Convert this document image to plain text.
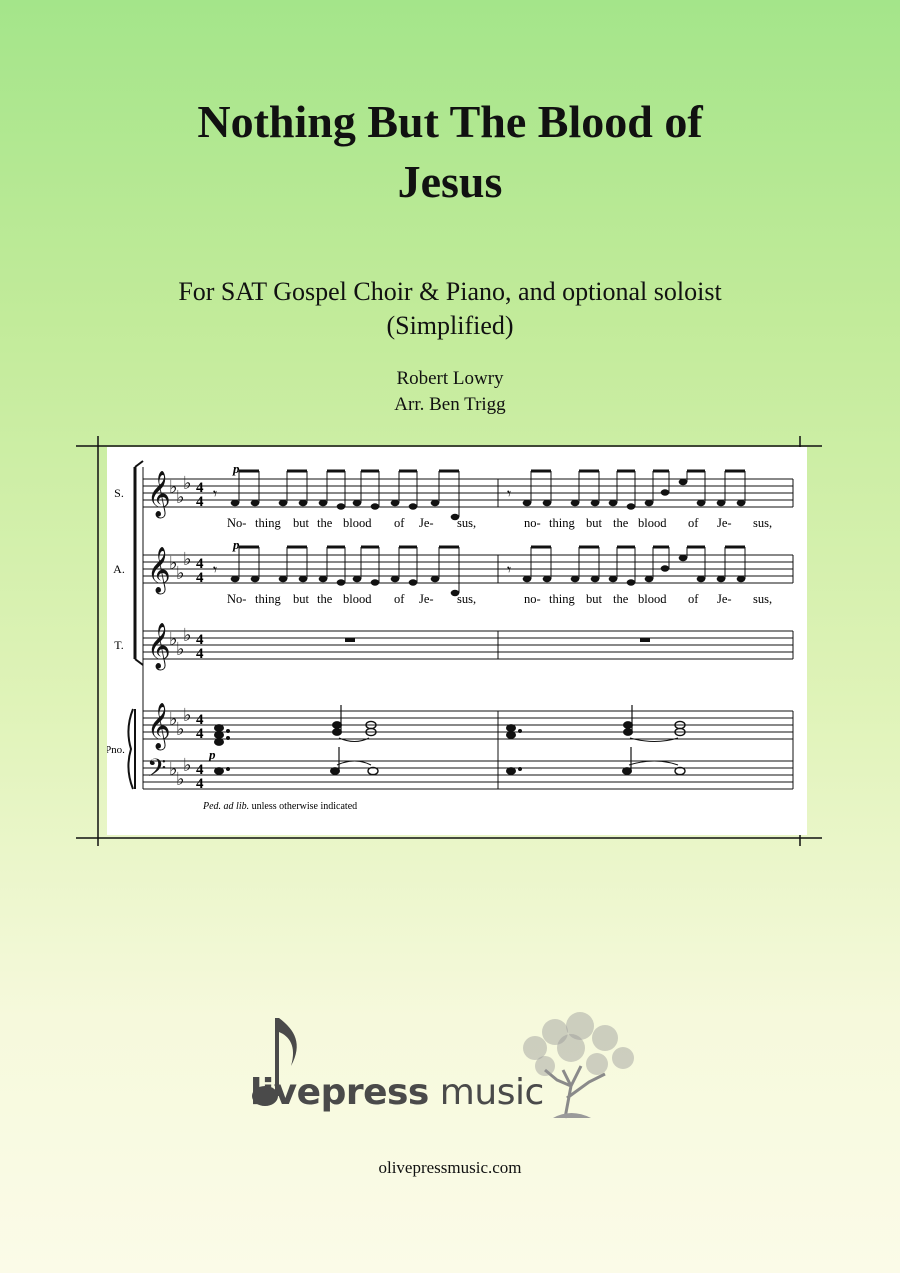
Nothing But The Blood of
Jesus
For SAT Gospel Choir & Piano, and optional soloist
(Simplified)
Robert Lowry
Arr. Ben Trigg
S.
A.
T.
Pno.
𝄞
𝄞
𝄞
𝄞
𝄢
♭
♭
♭
♭
♭
♭
♭
♭
♭
♭
♭
♭
♭
♭
♭
4
4
4
4
4
4
4
4
4
4
p
p
p
𝄾	𝄾
𝄾	𝄾
No- thing but the blood of Je- sus,	no- thing but the blood of Je- sus,
No- thing but the blood of Je- sus,	no- thing but the blood of Je- sus,
Ped. ad lib. unless otherwise indicated
livepress music
olivepressmusic.com
